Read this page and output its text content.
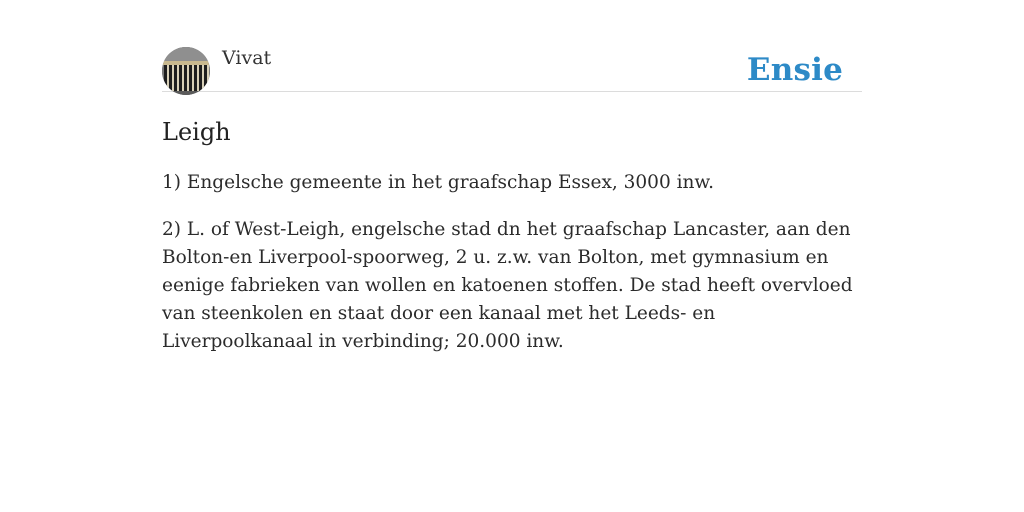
Vivat	Ensie
Leigh

1) Engelsche gemeente in het graafschap Essex, 3000 inw.

2) L. of West-Leigh, engelsche stad dn het graafschap Lancaster, aan den Bolton-en Liverpool-spoorweg, 2 u. z.w. van Bolton, met gymnasium en eenige fabrieken van wollen en katoenen stoffen. De stad heeft overvloed van steenkolen en staat door een kanaal met het Leeds- en Liverpoolkanaal in verbinding; 20.000 inw.
